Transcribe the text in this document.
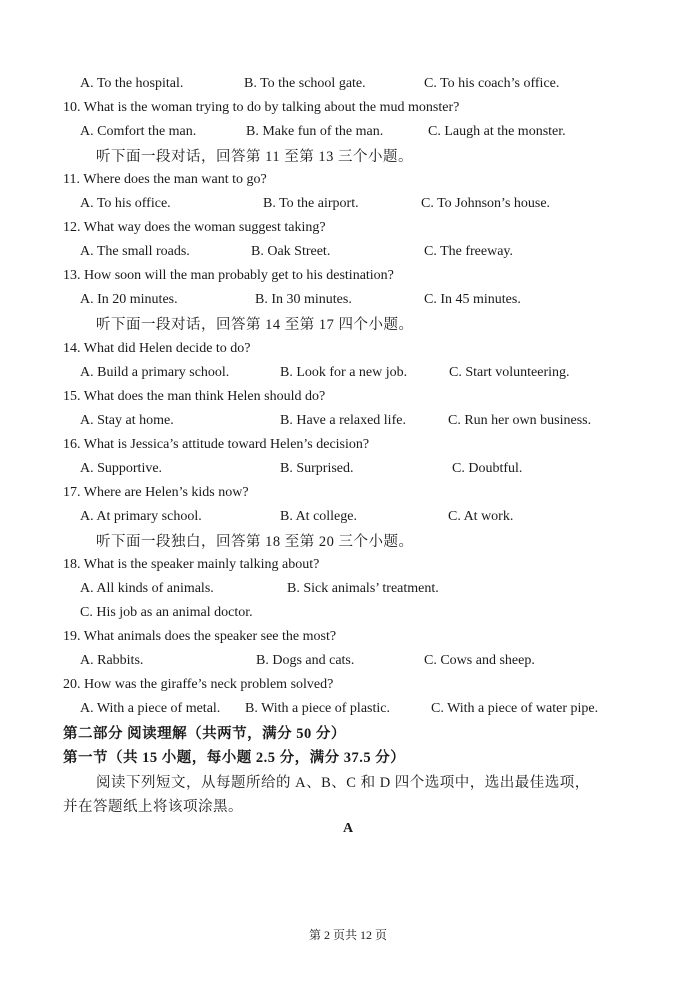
A. To the hospital.	B. To the school gate.	C. To his coach’s office.
10. What is the woman trying to do by talking about the mud monster?
A. Comfort the man.	B. Make fun of the man.	C. Laugh at the monster.
听下面一段对话，回答第 11 至第 13 三个小题。
11. Where does the man want to go?
A. To his office.	B. To the airport.	C. To Johnson’s house.
12. What way does the woman suggest taking?
A. The small roads.	B. Oak Street.	C. The freeway.
13. How soon will the man probably get to his destination?
A. In 20 minutes.	B. In 30 minutes.	C. In 45 minutes.
听下面一段对话，回答第 14 至第 17 四个小题。
14. What did Helen decide to do?
A. Build a primary school.	B. Look for a new job.	C. Start volunteering.
15. What does the man think Helen should do?
A. Stay at home.	B. Have a relaxed life.	C. Run her own business.
16. What is Jessica’s attitude toward Helen’s decision?
A. Supportive.	B. Surprised.	C. Doubtful.
17. Where are Helen’s kids now?
A. At primary school.	B. At college.	C. At work.
听下面一段独白，回答第 18 至第 20 三个小题。
18. What is the speaker mainly talking about?
A. All kinds of animals.	B. Sick animals’ treatment.
C. His job as an animal doctor.
19. What animals does the speaker see the most?
A. Rabbits.	B. Dogs and cats.	C. Cows and sheep.
20. How was the giraffe’s neck problem solved?
A. With a piece of metal. B. With a piece of plastic.	C. With a piece of water pipe.
第二部分 阅读理解（共两节，满分 50 分）
第一节（共 15 小题，每小题 2.5 分，满分 37.5 分）
阅读下列短文，从每题所给的 A、B、C 和 D 四个选项中，选出最佳选项，
并在答题纸上将该项涂黑。
A
第 2 页共 12 页
